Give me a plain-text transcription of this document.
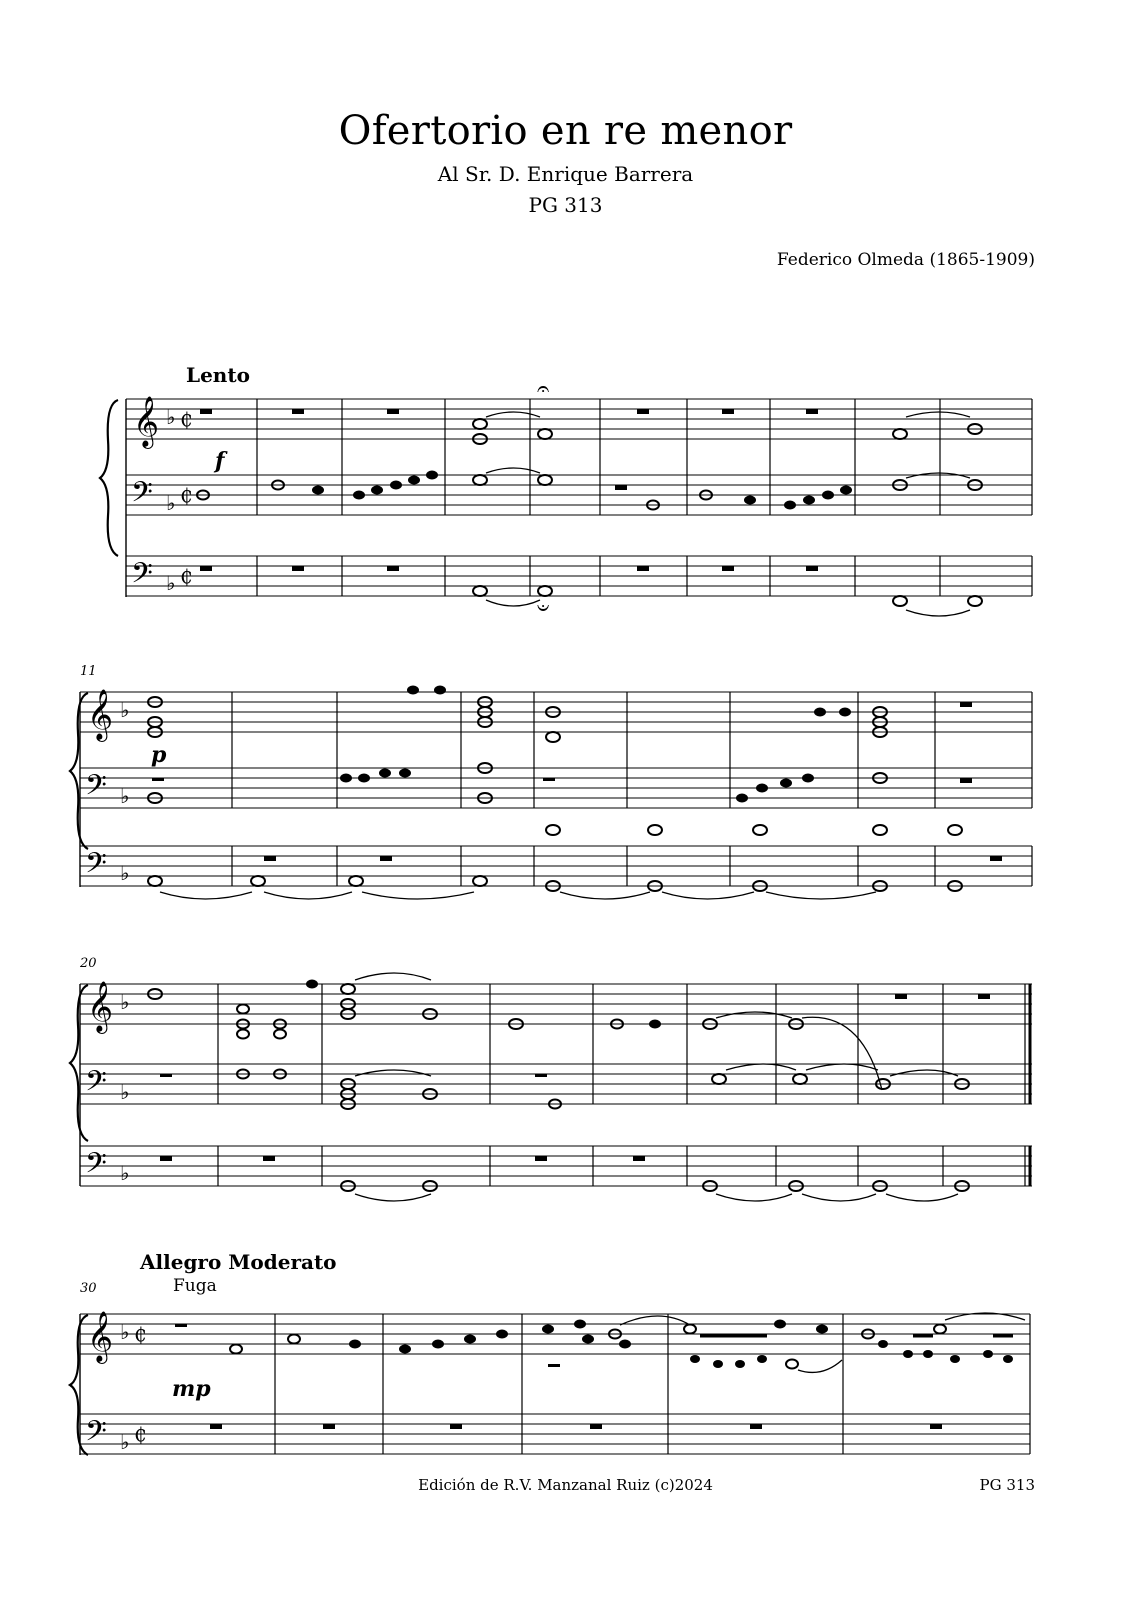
Ofertorio en re menor
Al Sr. D. Enrique Barrera
PG 313
Federico Olmeda (1865-1909)
Lento
11
20
Allegro Moderato
Fuga
30
𝄞
𝄢
𝄢
♭
♭
♭
₵
₵
₵
𝄐
𝄑
𝄞
𝄢
𝄢
♭
♭
♭
𝄞
𝄢
𝄢
♭
♭
♭
𝄞
𝄢
♭
♭
₵
₵
f
p
mp
Edición de R.V. Manzanal Ruiz (c)2024	PG 313
